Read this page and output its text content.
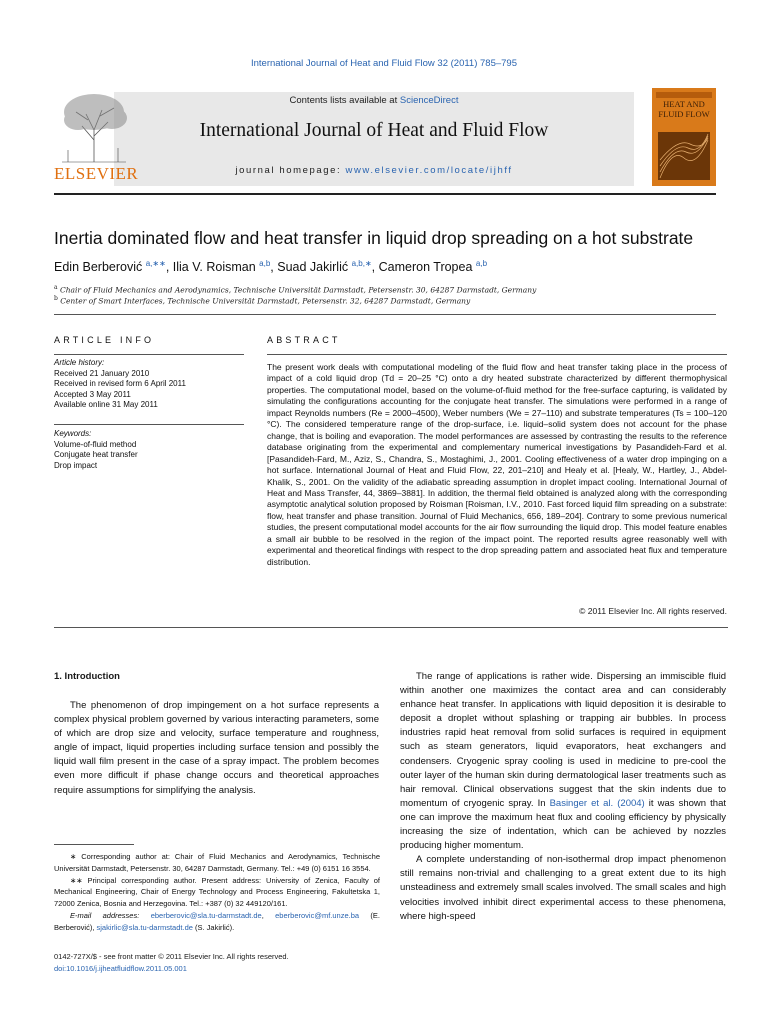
International Journal of Heat and Fluid Flow 32 (2011) 785–795
Contents lists available at ScienceDirect
International Journal of Heat and Fluid Flow
journal homepage: www.elsevier.com/locate/ijhff
ELSEVIER
HEAT AND
FLUID FLOW
Inertia dominated flow and heat transfer in liquid drop spreading on a hot substrate
Edin Berberović $^{a,∗∗}$, Ilia V. Roisman $^{a,b}$, Suad Jakirlić $^{a,b,∗}$, Cameron Tropea $^{a,b}$
$^a$ Chair of Fluid Mechanics and Aerodynamics, Technische Universität Darmstadt, Petersenstr. 30, 64287 Darmstadt, Germany
$^b$ Center of Smart Interfaces, Technische Universität Darmstadt, Petersenstr. 32, 64287 Darmstadt, Germany
ARTICLE INFO
Article history:
Received 21 January 2010
Received in revised form 6 April 2011
Accepted 3 May 2011
Available online 31 May 2011
Keywords:
Volume-of-fluid method
Conjugate heat transfer
Drop impact
ABSTRACT
The present work deals with computational modeling of the fluid flow and heat transfer taking place in the process of impact of a cold liquid drop (Td = 20–25 °C) onto a dry heated substrate characterized by different thermophysical properties. The computational model, based on the volume-of-fluid method for the free-surface capturing, is validated by simulating the configurations accounting for the conjugate heat transfer. The simulations were performed in a range of impact Reynolds numbers (Re = 2000–4500), Weber numbers (We = 27–110) and substrate temperatures (Ts = 100–120 °C). The considered temperature range of the drop-surface, i.e. liquid–solid system does not account for the phase change, that is boiling and evaporation. The model performances are assessed by contrasting the results to the reference database originating from the experimental and complementary numerical investigations by Pasandideh-Fard et al. [Pasandideh-Fard, M., Aziz, S., Chandra, S., Mostaghimi, J., 2001. Cooling effectiveness of a water drop impinging on a hot surface. International Journal of Heat and Fluid Flow, 22, 201–210] and Healy et al. [Healy, W., Hartley, J., Abdel-Khalik, S., 2001. On the validity of the adiabatic spreading assumption in droplet impact cooling. International Journal of Heat and Mass Transfer, 44, 3869–3881]. In addition, the thermal field obtained is analyzed along with the corresponding asymptotic analytical solution proposed by Roisman [Roisman, I.V., 2010. Fast forced liquid film spreading on a substrate: flow, heat transfer and phase transition. Journal of Fluid Mechanics, 656, 189–204]. Contrary to some previous numerical studies, the present computational model accounts for the air flow surrounding the liquid drop. This model feature enables a small air bubble to be resolved in the region of the impact point. The reported results agree reasonably well with experimental and theoretical findings with respect to the drop spreading pattern and associated heat flux and temperature distribution.
© 2011 Elsevier Inc. All rights reserved.
1. Introduction
The phenomenon of drop impingement on a hot surface represents a complex physical problem governed by various interacting parameters, some of which are drop size and velocity, surface temperature and roughness, angle of impact, liquid properties including surface tension and possibly the liquid wall film present in the case of a spray impact. The problem becomes even more difficult if phase change occurs and theoretical approaches require assumptions for simplifying the analysis.
The range of applications is rather wide. Dispersing an immiscible fluid within another one maximizes the contact area and can considerably enhance heat transfer. In applications with liquid deposition it is desirable to deposit a droplet without splashing or trapping air bubbles. In process industries rapid heat removal from solid surfaces is required in equipment such as steam generators, liquid evaporators, heat exchangers and condensers. Cryogenic spray cooling is used in medicine to pre-cool the outer layer of the human skin during dermatological laser treatments such as hair removal. Clinical observations suggest that the skin indents due to momentum of cryogenic spray. In Basinger et al. (2004) it was shown that one can improve the maximum heat flux and cooling efficiency by physically increasing the size of indentation, which can be achieved by nozzles producing higher momentum.
A complete understanding of non-isothermal drop impact phenomenon still remains non-trivial and challenging to a great extent due to its high unsteadiness and extremely small scales involved. The small scales and high velocities involved inhibit direct experimental access to these phenomena, where high-speed
∗ Corresponding author at: Chair of Fluid Mechanics and Aerodynamics, Technische Universität Darmstadt, Petersenstr. 30, 64287 Darmstadt, Germany. Tel.: +49 (0) 6151 16 3554.
∗∗ Principal corresponding author. Present address: University of Zenica, Faculty of Mechanical Engineering, Chair of Energy Technology and Process Engineering, Fakultetska 1, 72000 Zenica, Bosnia and Herzegovina. Tel.: +387 (0) 32 449120/161.
E-mail addresses: eberberovic@sla.tu-darmstadt.de, eberberovic@mf.unze.ba (E. Berberović), sjakirlic@sla.tu-darmstadt.de (S. Jakirlić).
0142-727X/$ - see front matter © 2011 Elsevier Inc. All rights reserved.
doi:10.1016/j.ijheatfluidflow.2011.05.001
